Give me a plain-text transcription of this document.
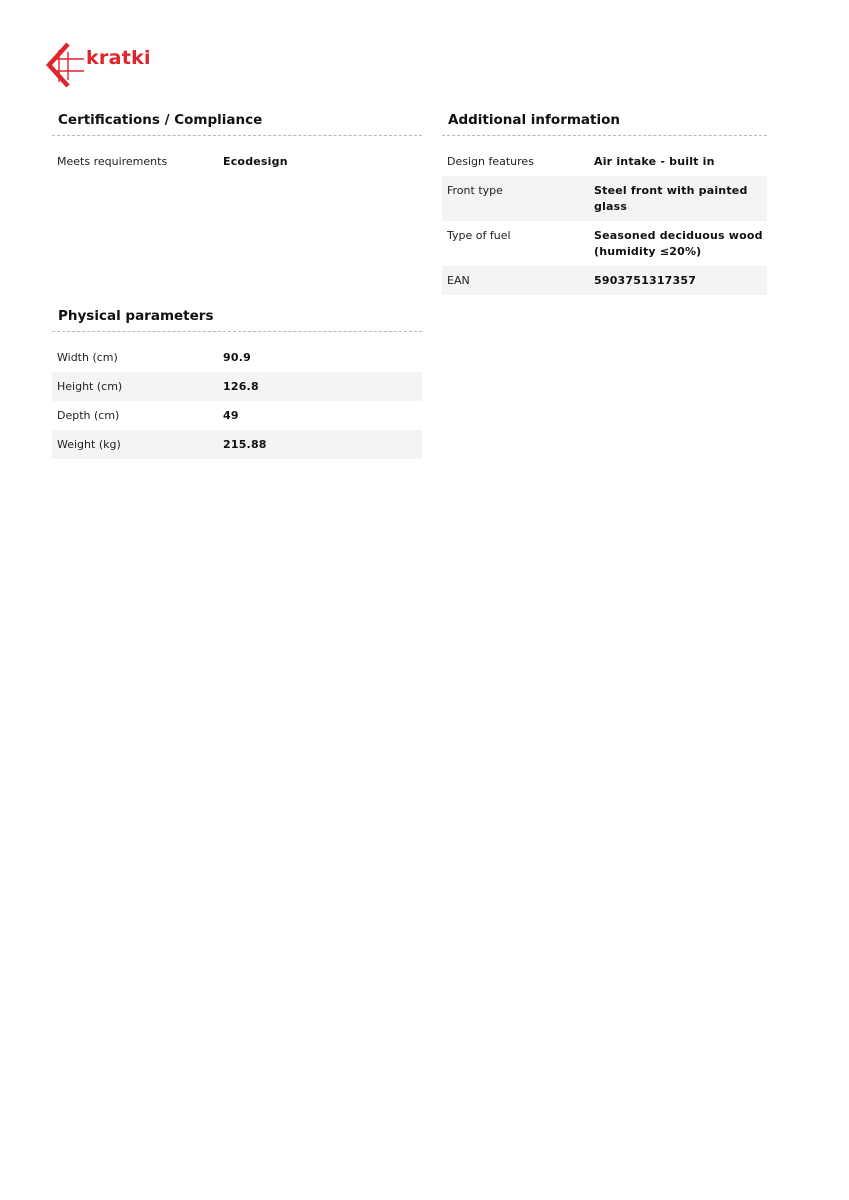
kratki
Certifications / Compliance
Meets requirements	Ecodesign
Additional information
Design features	Air intake - built in
Front type	Steel front with painted glass
Type of fuel	Seasoned deciduous wood (humidity ≤20%)
EAN	5903751317357
Physical parameters
Width (cm)	90.9
Height (cm)	126.8
Depth (cm)	49
Weight (kg)	215.88
